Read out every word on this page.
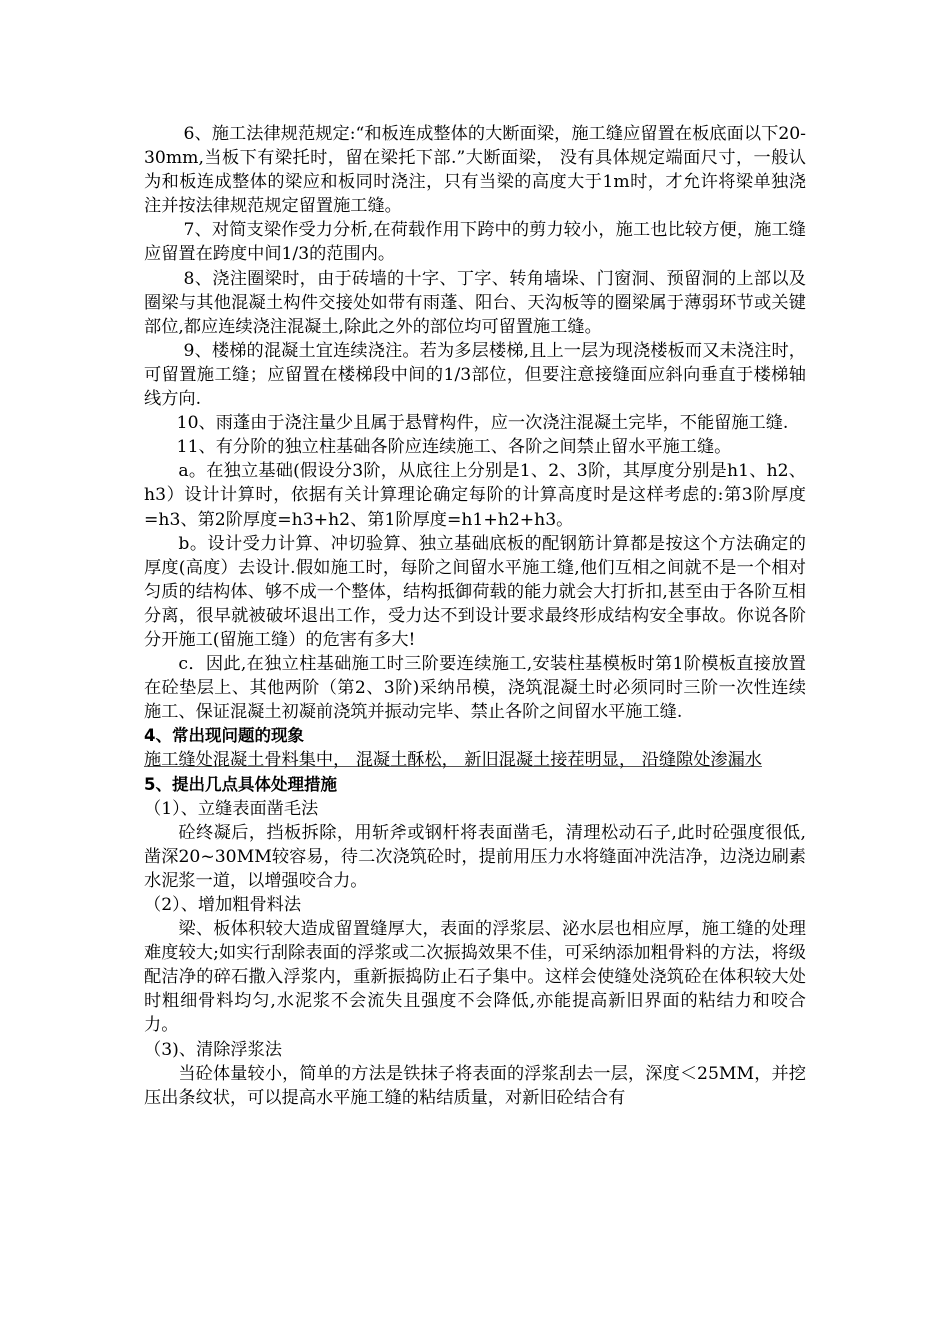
6、施工法律规范规定:“和板连成整体的大断面梁，施工缝应留置在板底面以下20-30mm,当板下有梁托时，留在梁托下部.”大断面梁， 没有具体规定端面尺寸，一般认为和板连成整体的梁应和板同时浇注，只有当梁的高度大于1m时，才允许将梁单独浇注并按法律规范规定留置施工缝。

7、对简支梁作受力分析,在荷载作用下跨中的剪力较小，施工也比较方便，施工缝应留置在跨度中间1/3的范围内。

8、浇注圈梁时，由于砖墙的十字、丁字、转角墙垛、门窗洞、预留洞的上部以及圈梁与其他混凝土构件交接处如带有雨蓬、阳台、天沟板等的圈梁属于薄弱环节或关键部位,都应连续浇注混凝土,除此之外的部位均可留置施工缝。

9、楼梯的混凝土宜连续浇注。若为多层楼梯,且上一层为现浇楼板而又未浇注时，可留置施工缝；应留置在楼梯段中间的1/3部位，但要注意接缝面应斜向垂直于楼梯轴线方向.

10、雨蓬由于浇注量少且属于悬臂构件，应一次浇注混凝土完毕，不能留施工缝.

11、有分阶的独立柱基础各阶应连续施工、各阶之间禁止留水平施工缝。

a。在独立基础(假设分3阶，从底往上分别是1、2、3阶，其厚度分别是h1、h2、h3）设计计算时，依据有关计算理论确定每阶的计算高度时是这样考虑的:第3阶厚度=h3、第2阶厚度=h3+h2、第1阶厚度=h1+h2+h3。

b。设计受力计算、冲切验算、独立基础底板的配钢筋计算都是按这个方法确定的厚度(高度）去设计.假如施工时，每阶之间留水平施工缝,他们互相之间就不是一个相对匀质的结构体、够不成一个整体，结构抵御荷载的能力就会大打折扣,甚至由于各阶互相分离，很早就被破坏退出工作，受力达不到设计要求最终形成结构安全事故。你说各阶分开施工(留施工缝）的危害有多大!

c．因此,在独立柱基础施工时三阶要连续施工,安装柱基模板时第1阶模板直接放置在砼垫层上、其他两阶（第2、3阶)采纳吊模，浇筑混凝土时必须同时三阶一次性连续施工、保证混凝土初凝前浇筑并振动完毕、禁止各阶之间留水平施工缝.

4、常出现问题的现象

施工缝处混凝土骨料集中， 混凝土酥松， 新旧混凝土接茬明显， 沿缝隙处渗漏水

5、提出几点具体处理措施

（1）、立缝表面凿毛法

砼终凝后，挡板拆除，用斩斧或钢杆将表面凿毛，清理松动石子,此时砼强度很低,凿深20~30MM较容易，待二次浇筑砼时，提前用压力水将缝面冲洗洁净，边浇边刷素水泥浆一道，以增强咬合力。

（2）、增加粗骨料法

梁、板体积较大造成留置缝厚大，表面的浮浆层、泌水层也相应厚，施工缝的处理难度较大;如实行刮除表面的浮浆或二次振捣效果不佳，可采纳添加粗骨料的方法，将级配洁净的碎石撒入浮浆内，重新振捣防止石子集中。这样会使缝处浇筑砼在体积较大处时粗细骨料均匀,水泥浆不会流失且强度不会降低,亦能提高新旧界面的粘结力和咬合力。

（3)、清除浮浆法

当砼体量较小，简单的方法是铁抹子将表面的浮浆刮去一层，深度＜25MM，并挖压出条纹状，可以提高水平施工缝的粘结质量，对新旧砼结合有
